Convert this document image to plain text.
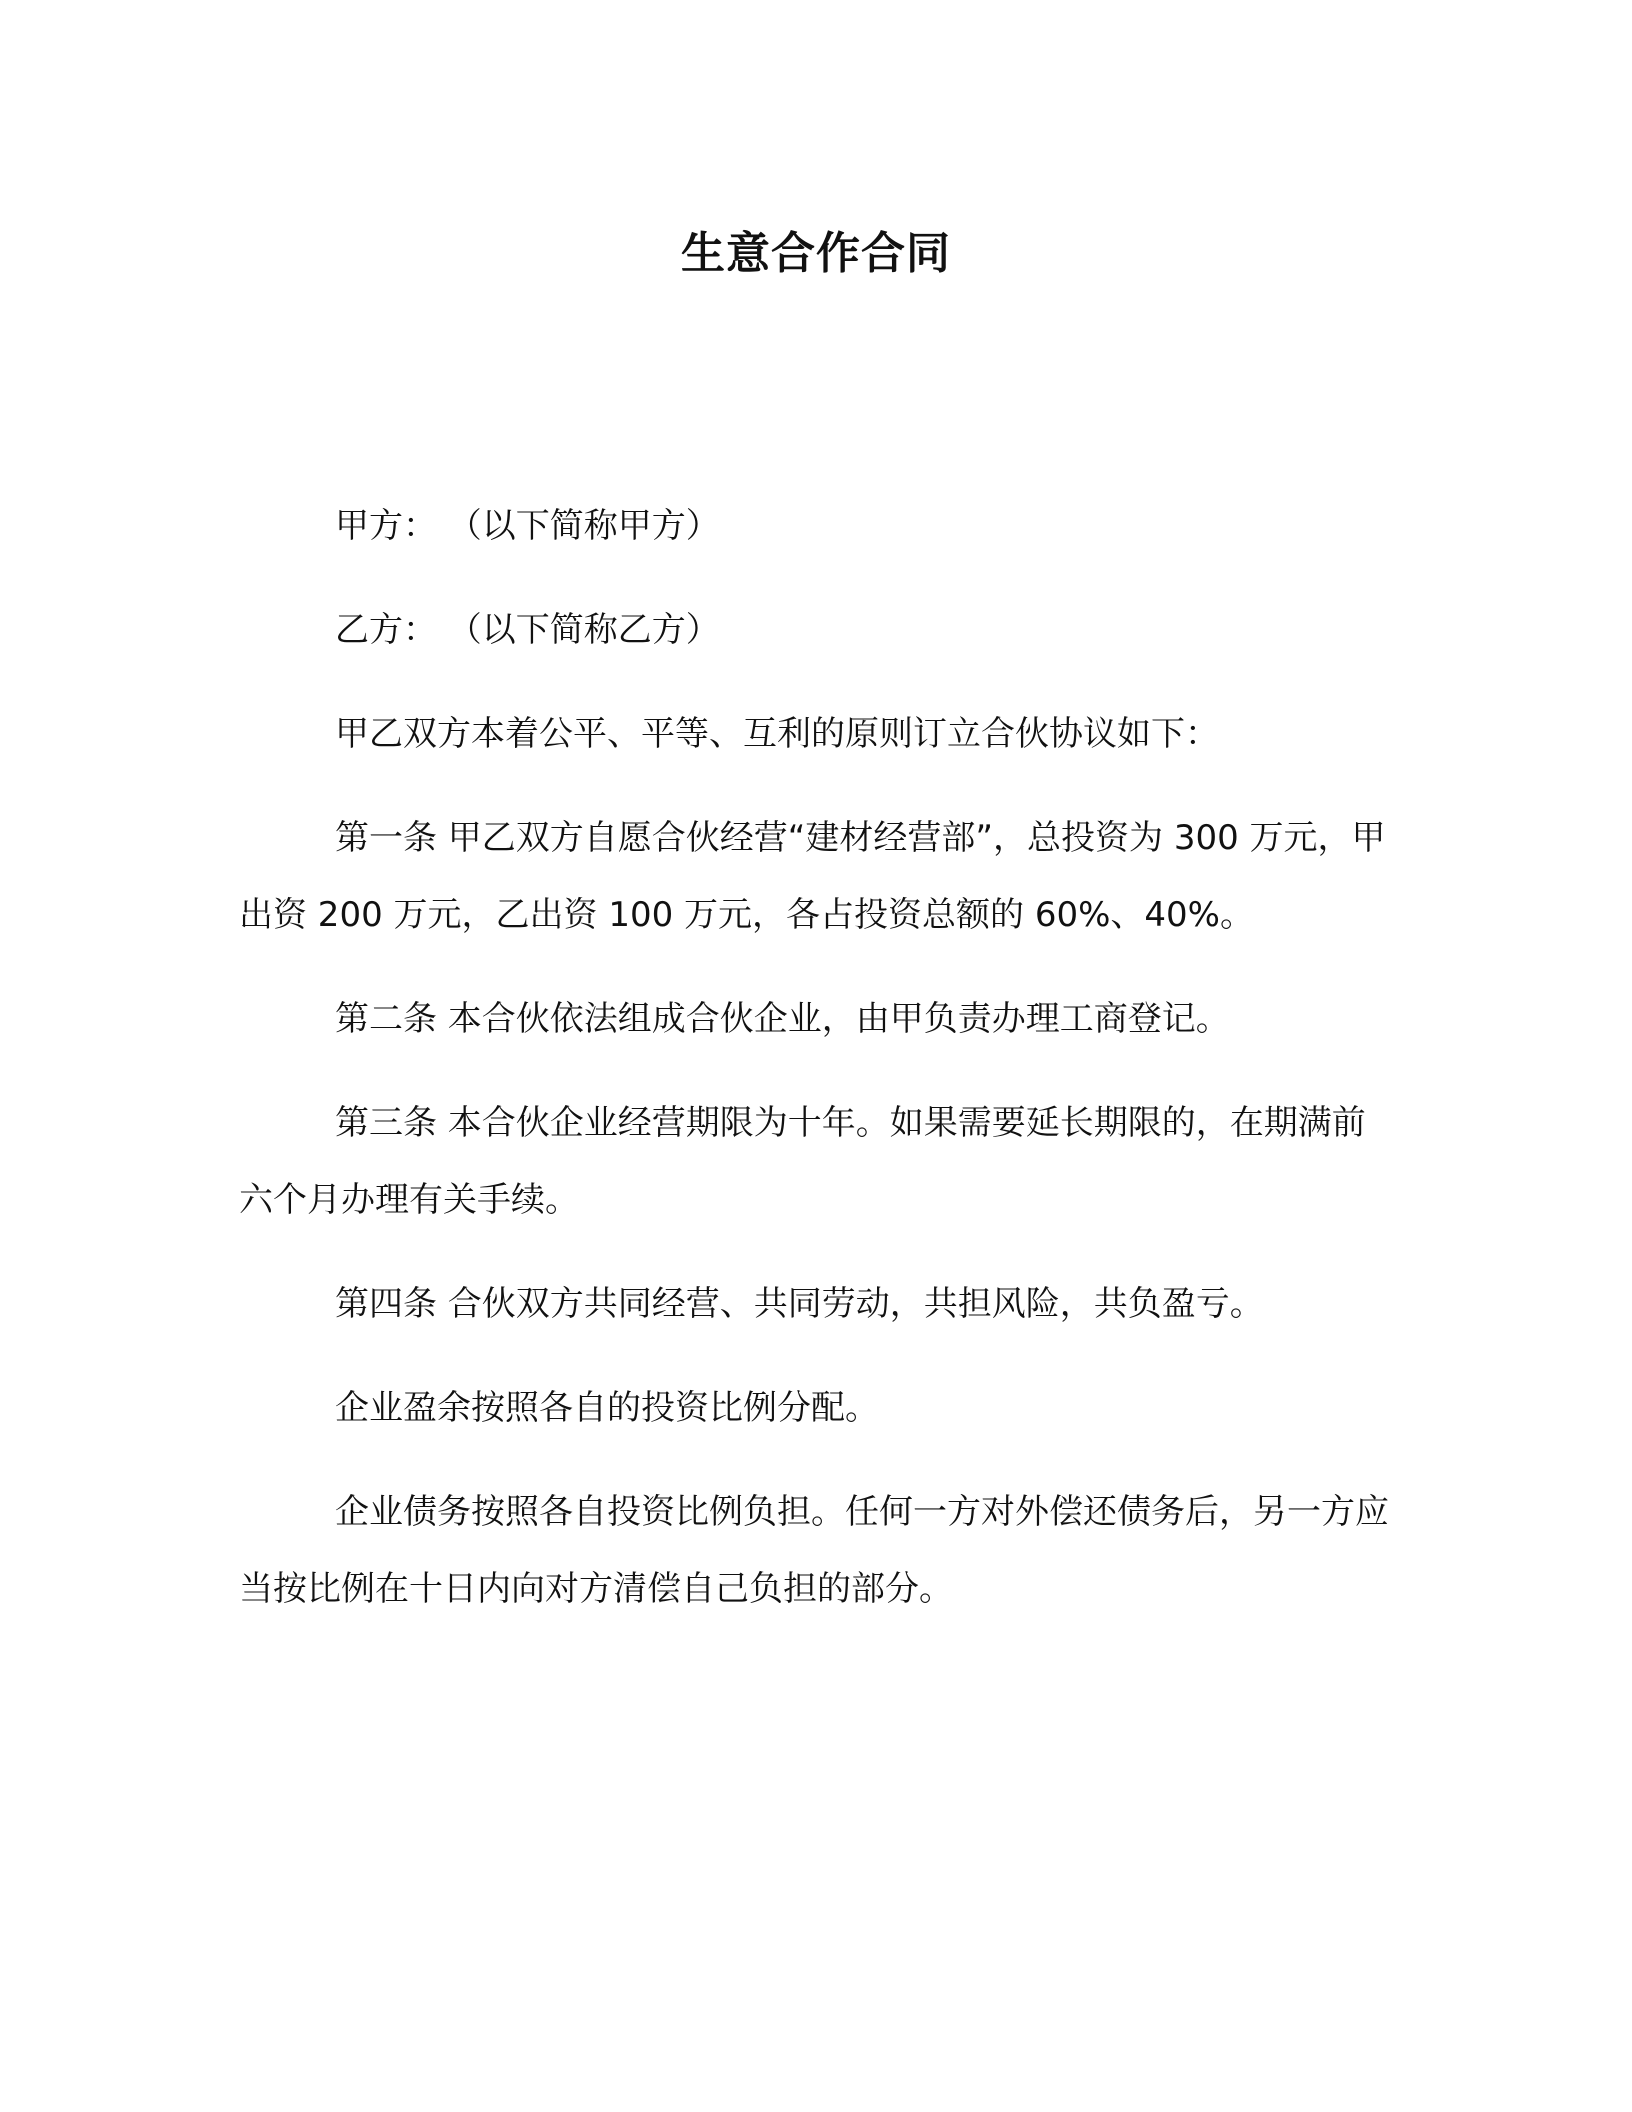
生意合作合同

甲方： （以下简称甲方）

乙方： （以下简称乙方）

甲乙双方本着公平、平等、互利的原则订立合伙协议如下：

第一条 甲乙双方自愿合伙经营“建材经营部”，总投资为 300 万元，甲出资 200 万元，乙出资 100 万元，各占投资总额的 60%、40%。

第二条 本合伙依法组成合伙企业，由甲负责办理工商登记。

第三条 本合伙企业经营期限为十年。如果需要延长期限的，在期满前六个月办理有关手续。

第四条 合伙双方共同经营、共同劳动，共担风险，共负盈亏。

企业盈余按照各自的投资比例分配。

企业债务按照各自投资比例负担。任何一方对外偿还债务后，另一方应当按比例在十日内向对方清偿自己负担的部分。
